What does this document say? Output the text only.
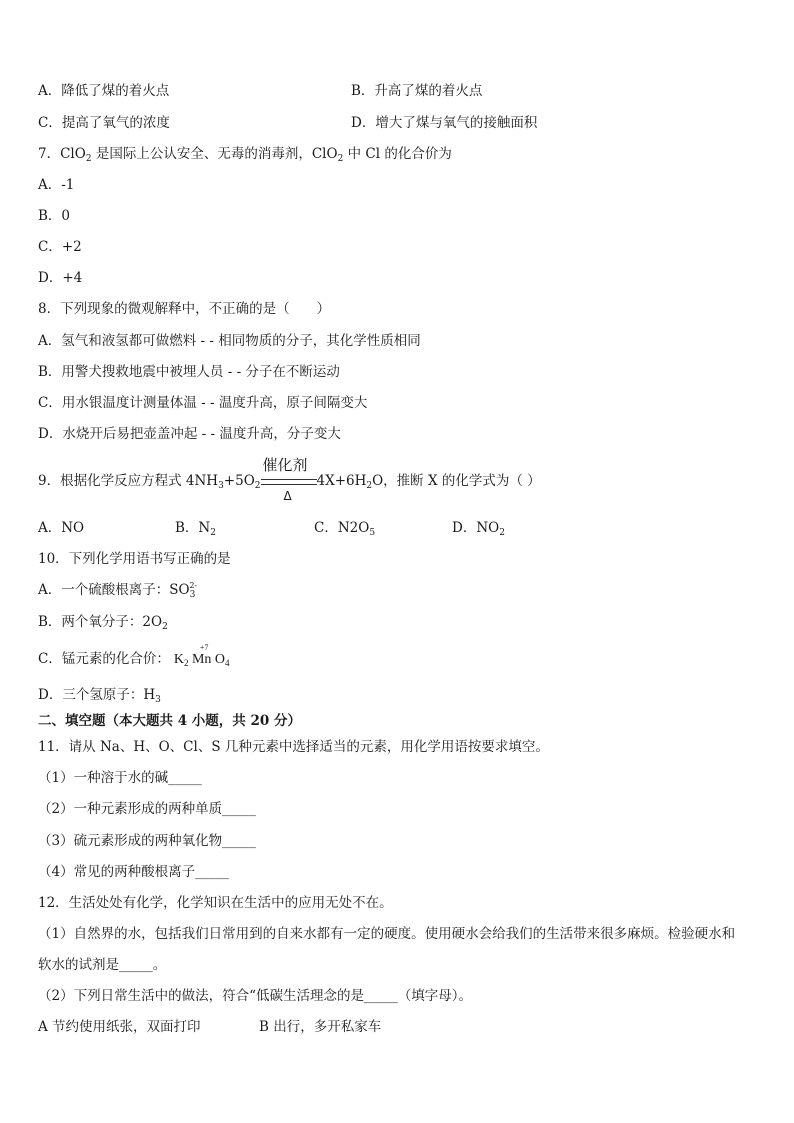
A．降低了煤的着火点	B．升高了煤的着火点
C．提高了氧气的浓度	D．增大了煤与氧气的接触面积
7．ClO$_2$ 是国际上公认安全、无毒的消毒剂，ClO$_2$ 中 Cl 的化合价为
A．-1
B．0
C．+2
D．+4
8．下列现象的微观解释中，不正确的是（　　）
A．氢气和液氢都可做燃料 - - 相同物质的分子，其化学性质相同
B．用警犬搜救地震中被埋人员 - - 分子在不断运动
C．用水银温度计测量体温 - - 温度升高，原子间隔变大
D．水烧开后易把壶盖冲起 - - 温度升高，分子变大
9．根据化学反应方程式 $4NH_3+5O_2$
催化剂
Δ
$4X+6H_2O$，推断 X 的化学式为（ ）
A．NO	B．$N_2$	C．$N2O_5$	D．$NO_2$
10．下列化学用语书写正确的是
A．一个硫酸根离子：$SO_3^{2-}$
B．两个氧分子：$2O_2$
C．锰元素的化合价：
+7
$K_2$ Mn $O_4$
D．三个氢原子：$H_3$
二、填空题（本大题共 4 小题，共 20 分）
11．请从 Na、H、O、Cl、S 几种元素中选择适当的元素，用化学用语按要求填空。
（1）一种溶于水的碱_____
（2）一种元素形成的两种单质_____
（3）硫元素形成的两种氧化物_____
（4）常见的两种酸根离子_____
12．生活处处有化学，化学知识在生活中的应用无处不在。
（1）自然界的水，包括我们日常用到的自来水都有一定的硬度。使用硬水会给我们的生活带来很多麻烦。检验硬水和
软水的试剂是_____。
（2）下列日常生活中的做法，符合“低碳生活理念的是_____（填字母）。
A 节约使用纸张，双面打印	B 出行，多开私家车
